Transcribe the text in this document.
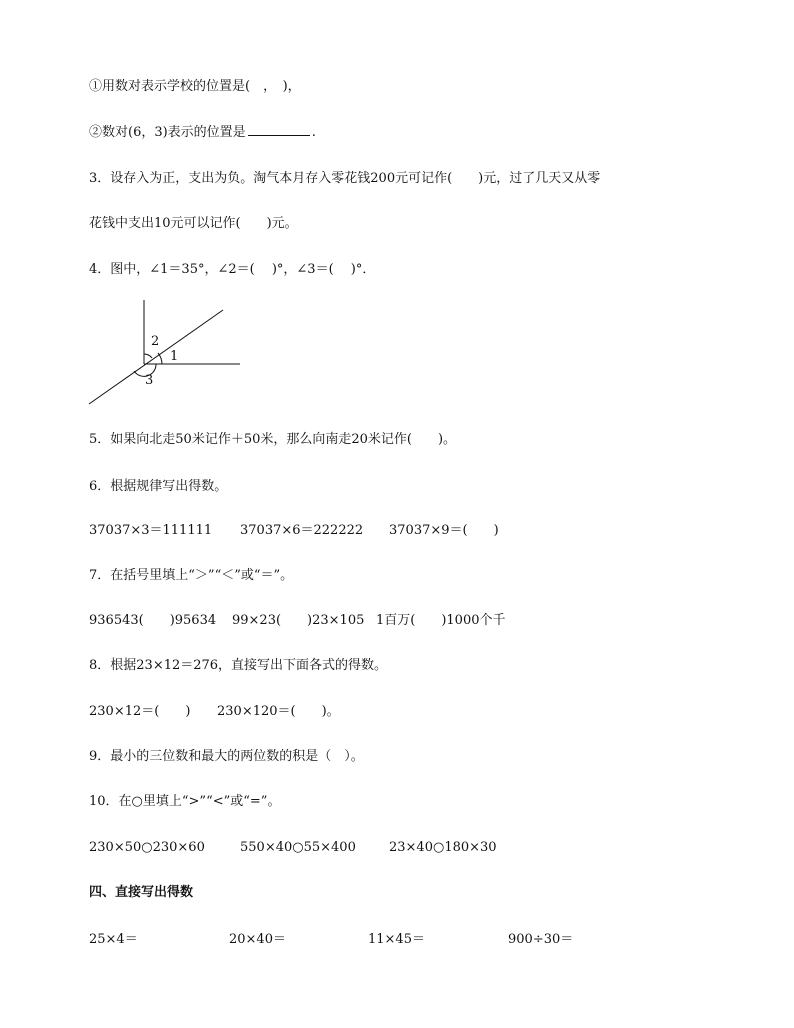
①用数对表示学校的位置是(　，　)，
②数对(6，3)表示的位置是	.
3．设存入为正，支出为负。淘气本月存入零花钱200元可记作(　　)元，过了几天又从零
花钱中支出10元可以记作(　　)元。
4．图中，∠1＝35°，∠2＝(　 )°，∠3＝(　 )°．
2
1
3
5．如果向北走50米记作＋50米，那么向南走20米记作(　　)。
6．根据规律写出得数。
37037×3＝111111 37037×6＝222222 37037×9＝(　　)
7．在括号里填上“＞”“＜”或“＝”。
936543(　　)95634 99×23(　　)23×105 1百万(　　)1000个千
8．根据23×12＝276，直接写出下面各式的得数。
230×12＝(　　) 230×120＝(　　)。
9．最小的三位数和最大的两位数的积是（　）。
10．在○里填上“>”“<”或“=”。
230×50○230×60	550×40○55×400	23×40○180×30
四、直接写出得数
25×4＝	20×40＝	11×45＝	900÷30＝
